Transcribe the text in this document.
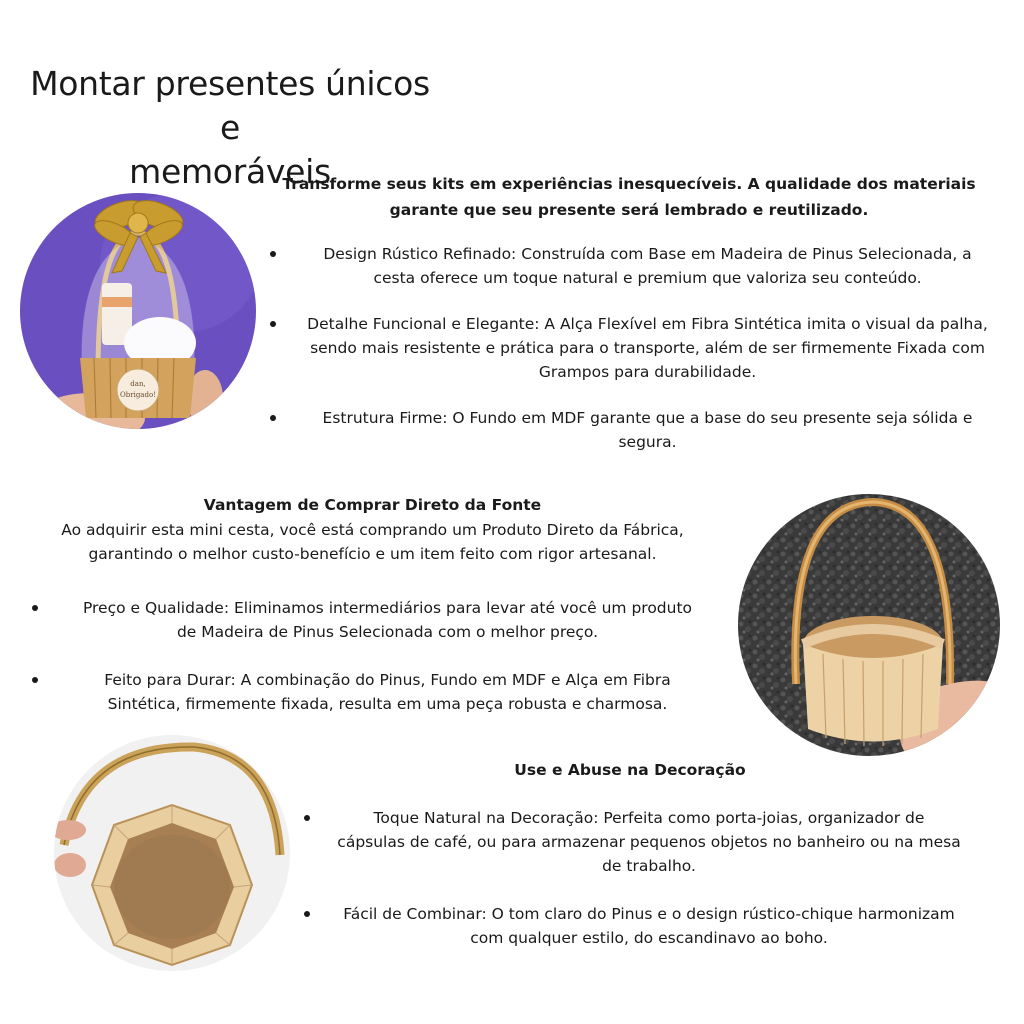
Montar presentes únicos e
memoráveis
dan,
Obrigado!
Transforme seus kits em experiências inesquecíveis. A qualidade dos materiais
garante que seu presente será lembrado e reutilizado.
Design Rústico Refinado: Construída com Base em Madeira de Pinus Selecionada, a
cesta oferece um toque natural e premium que valoriza seu conteúdo.
Detalhe Funcional e Elegante: A Alça Flexível em Fibra Sintética imita o visual da palha,
sendo mais resistente e prática para o transporte, além de ser firmemente Fixada com
Grampos para durabilidade.
Estrutura Firme: O Fundo em MDF garante que a base do seu presente seja sólida e
segura.
Vantagem de Comprar Direto da Fonte
Ao adquirir esta mini cesta, você está comprando um Produto Direto da Fábrica,
garantindo o melhor custo-benefício e um item feito com rigor artesanal.
Preço e Qualidade: Eliminamos intermediários para levar até você um produto
de Madeira de Pinus Selecionada com o melhor preço.
Feito para Durar: A combinação do Pinus, Fundo em MDF e Alça em Fibra
Sintética, firmemente fixada, resulta em uma peça robusta e charmosa.
Use e Abuse na Decoração
Toque Natural na Decoração: Perfeita como porta-joias, organizador de
cápsulas de café, ou para armazenar pequenos objetos no banheiro ou na mesa
de trabalho.
Fácil de Combinar: O tom claro do Pinus e o design rústico-chique harmonizam
com qualquer estilo, do escandinavo ao boho.
